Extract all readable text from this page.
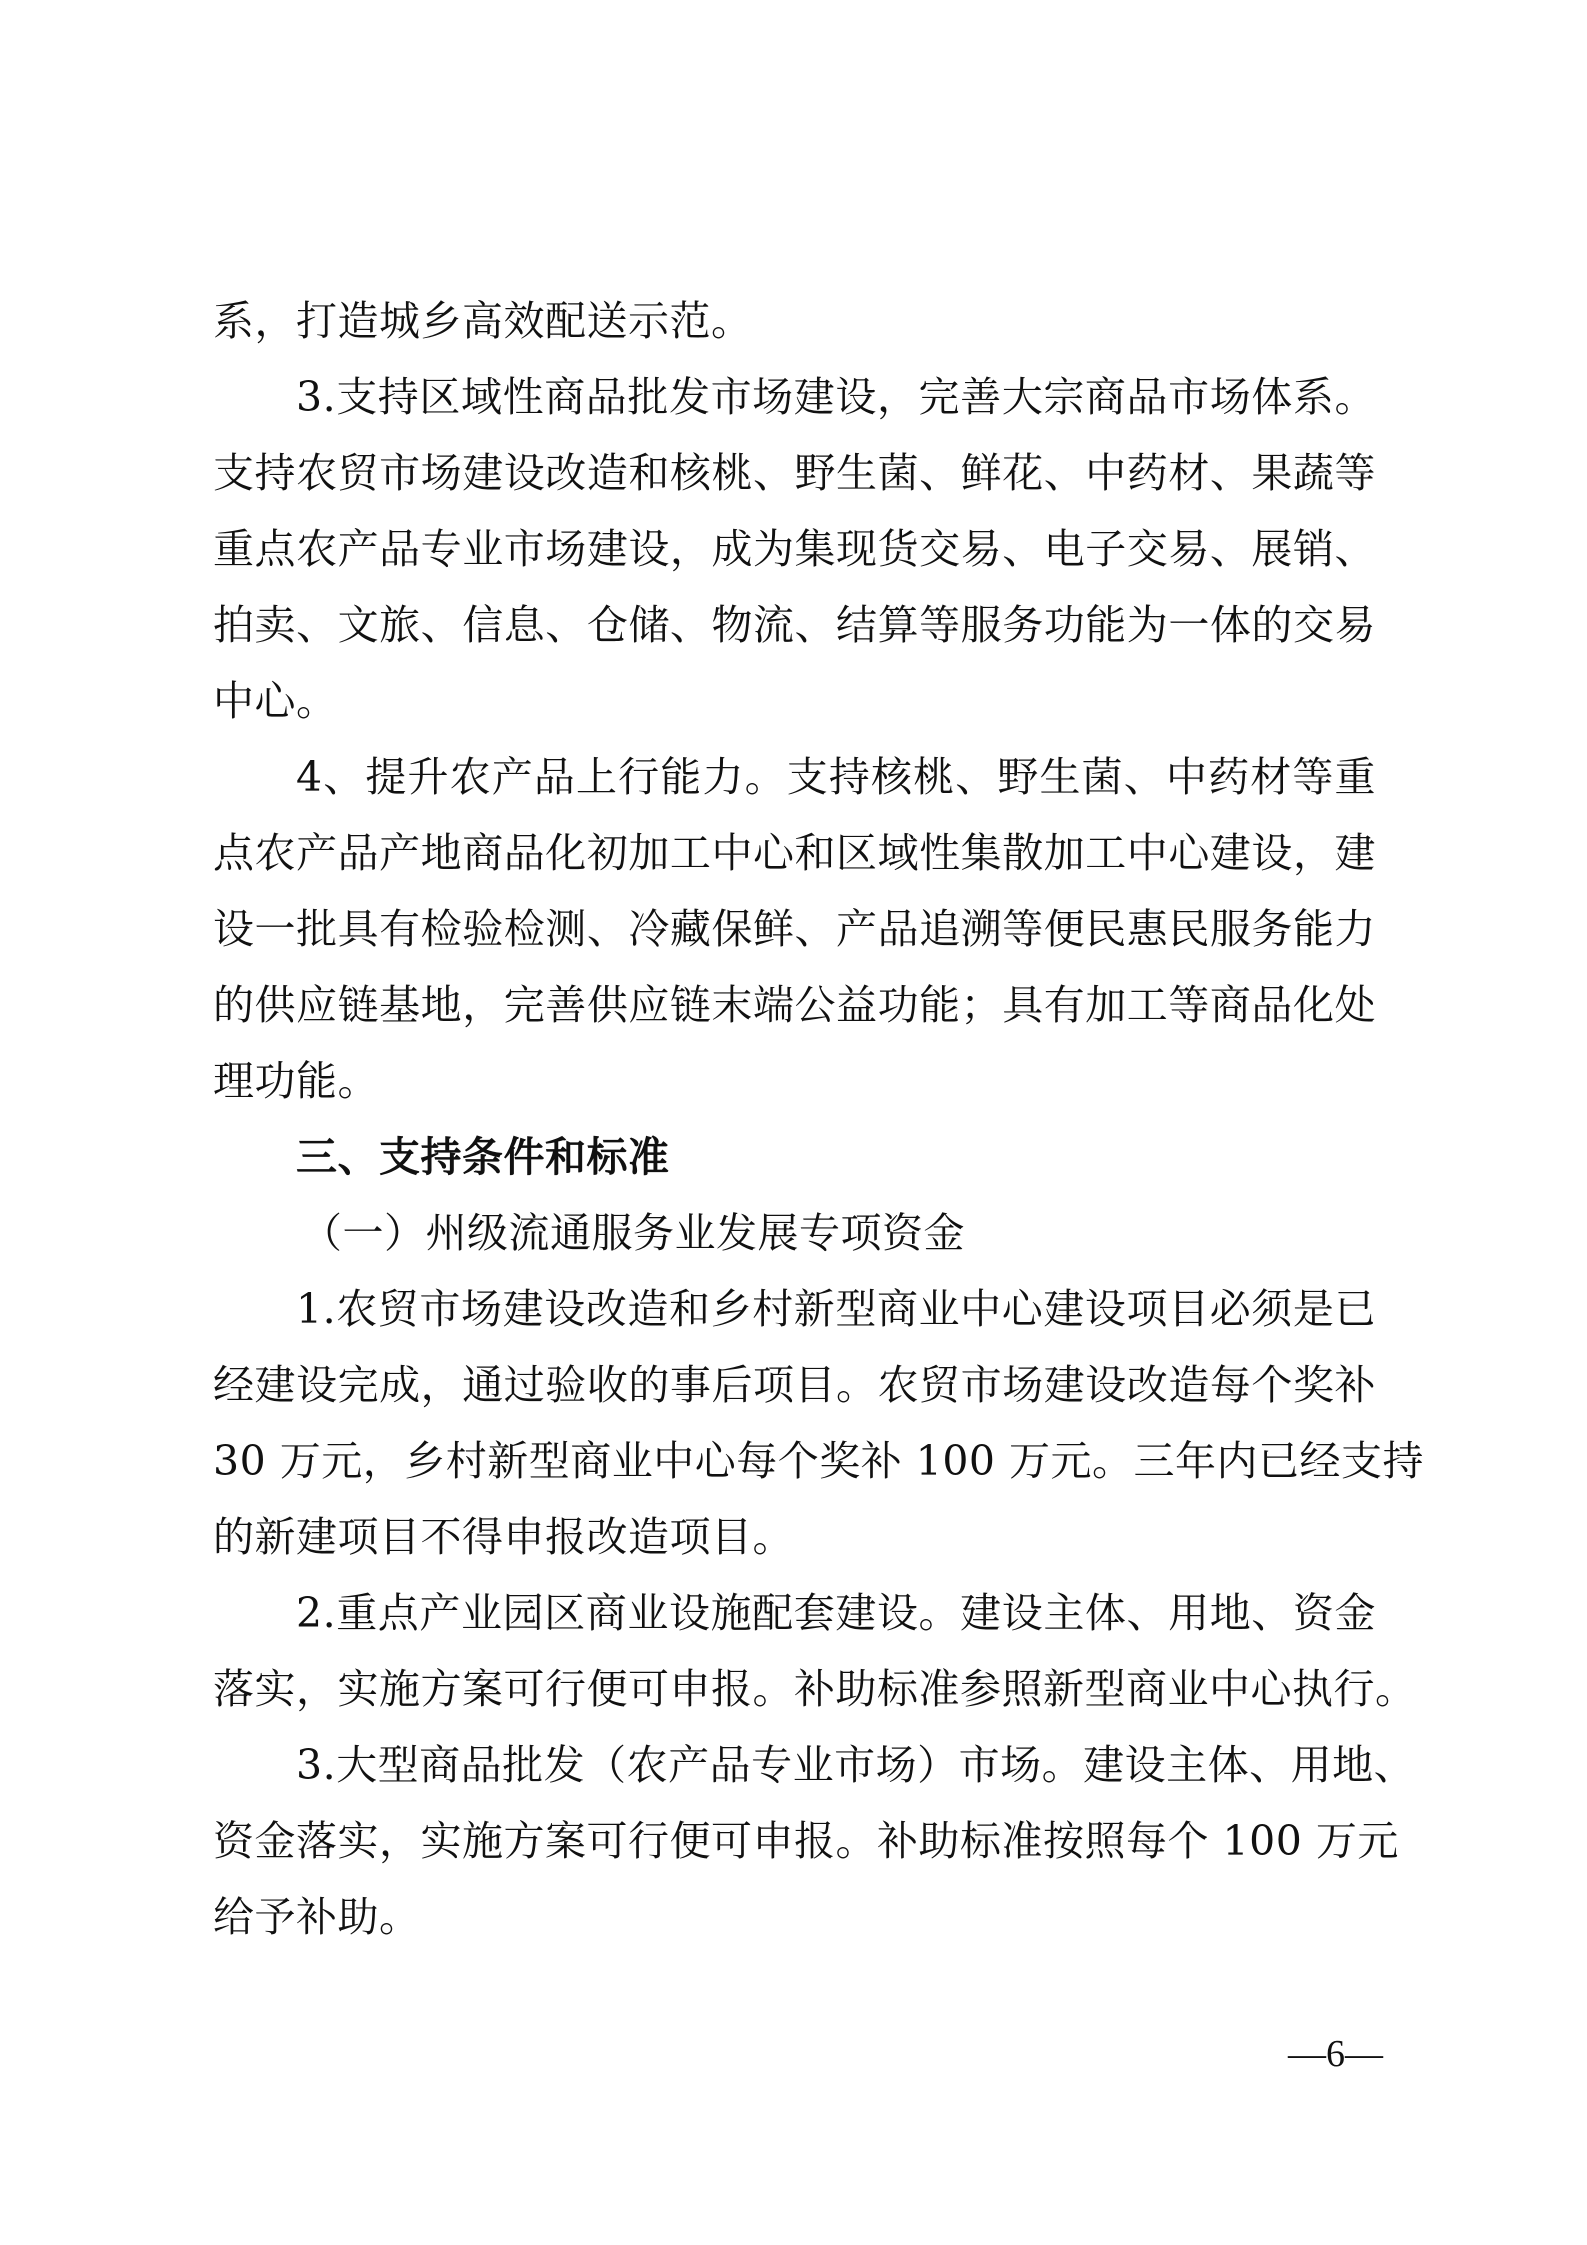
系，打造城乡高效配送示范。
3.支持区域性商品批发市场建设，完善大宗商品市场体系。
支持农贸市场建设改造和核桃、野生菌、鲜花、中药材、果蔬等
重点农产品专业市场建设，成为集现货交易、电子交易、展销、
拍卖、文旅、信息、仓储、物流、结算等服务功能为一体的交易
中心。
4、提升农产品上行能力。支持核桃、野生菌、中药材等重
点农产品产地商品化初加工中心和区域性集散加工中心建设，建
设一批具有检验检测、冷藏保鲜、产品追溯等便民惠民服务能力
的供应链基地，完善供应链末端公益功能；具有加工等商品化处
理功能。
三、支持条件和标准
（一）州级流通服务业发展专项资金
1.农贸市场建设改造和乡村新型商业中心建设项目必须是已
经建设完成，通过验收的事后项目。农贸市场建设改造每个奖补
30 万元，乡村新型商业中心每个奖补 100 万元。三年内已经支持
的新建项目不得申报改造项目。
2.重点产业园区商业设施配套建设。建设主体、用地、资金
落实，实施方案可行便可申报。补助标准参照新型商业中心执行。
3.大型商品批发（农产品专业市场）市场。建设主体、用地、
资金落实，实施方案可行便可申报。补助标准按照每个 100 万元
给予补助。
—6—
